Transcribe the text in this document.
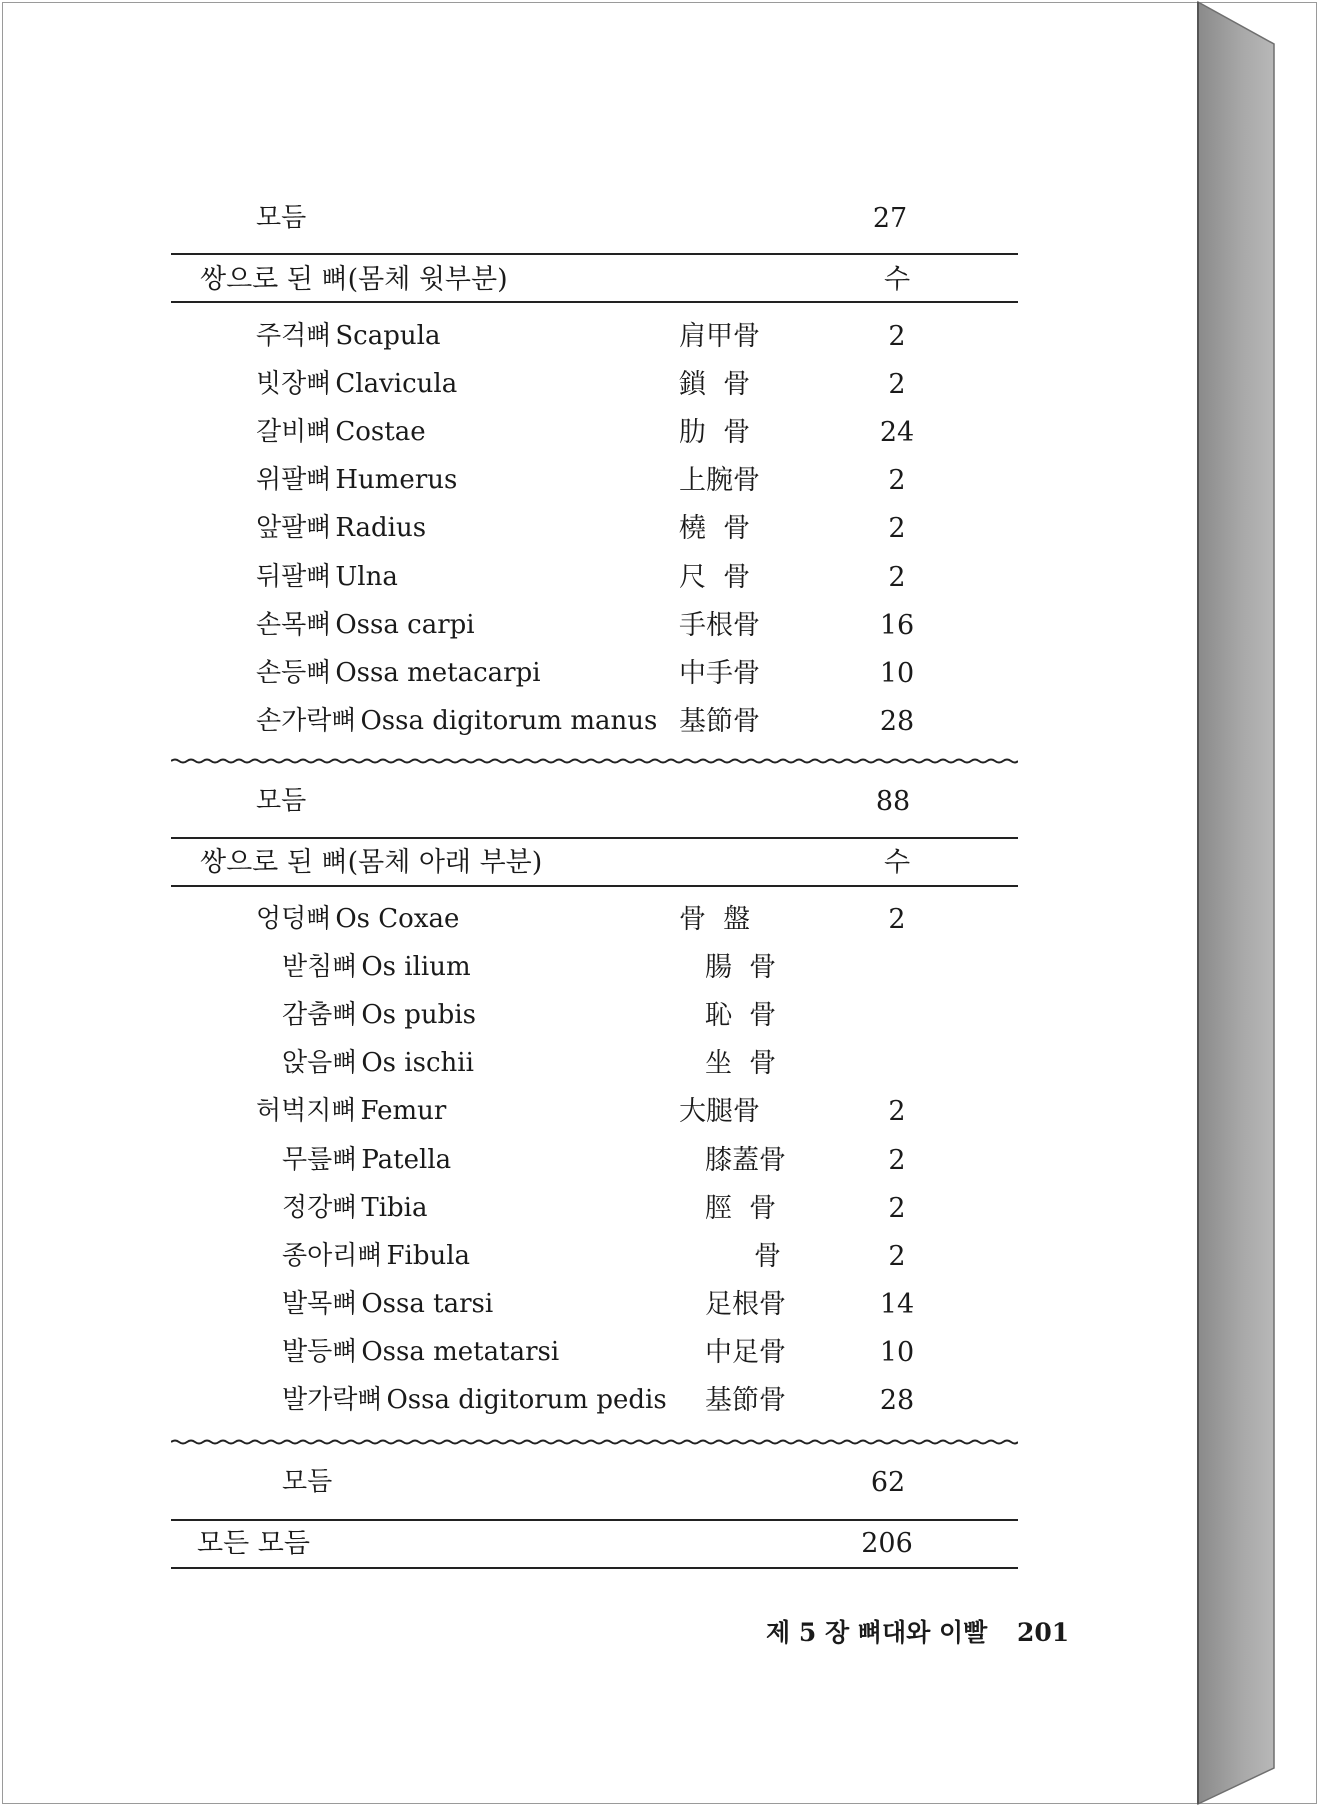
모듬	27
쌍으로 된 뼈(몸체 윗부분)	수
주걱뼈 Scapula	肩甲骨	2
빗장뼈 Clavicula	鎖  骨	2
갈비뼈 Costae	肋  骨	24
위팔뼈 Humerus	上腕骨	2
앞팔뼈 Radius	橈  骨	2
뒤팔뼈 Ulna	尺  骨	2
손목뼈 Ossa carpi	手根骨	16
손등뼈 Ossa metacarpi	中手骨	10
손가락뼈 Ossa digitorum manus 基節骨	28
모듬	88
쌍으로 된 뼈(몸체 아래 부분)	수
엉덩뼈 Os Coxae	骨  盤	2
받침뼈 Os ilium	腸  骨
감춤뼈 Os pubis	恥  骨
앉음뼈 Os ischii	坐  骨
허벅지뼈 Femur	大腿骨	2
무릎뼈 Patella	膝蓋骨	2
정강뼈 Tibia	脛  骨	2
종아리뼈 Fibula	骨	2
발목뼈 Ossa tarsi	足根骨	14
발등뼈 Ossa metatarsi	中足骨	10
발가락뼈 Ossa digitorum pedis 基節骨	28
모듬	62
모든 모듬	206
제 5 장 뼈대와 이빨 201
